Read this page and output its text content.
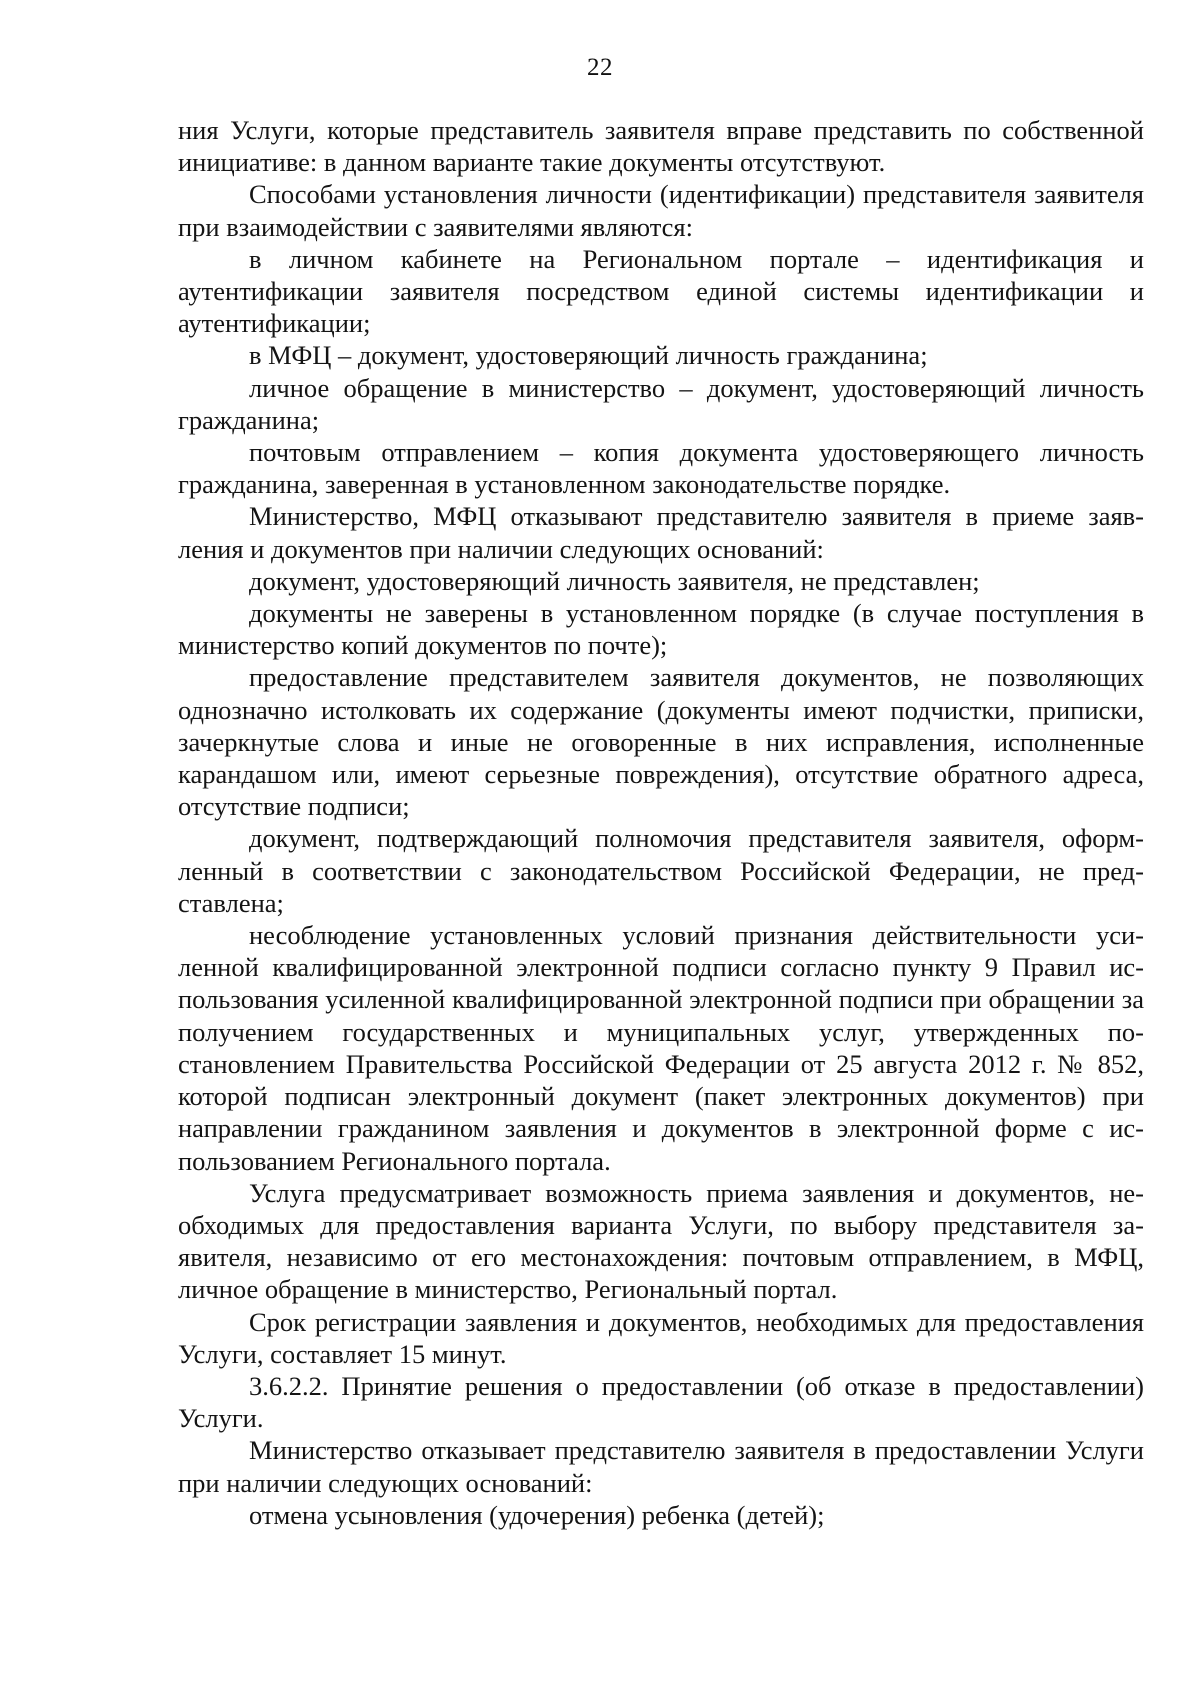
22

ния Услуги, которые представитель заявителя вправе представить по собственной инициативе: в данном варианте такие документы отсутствуют.

Способами установления личности (идентификации) представителя заявителя при взаимодействии с заявителями являются:

в личном кабинете на Региональном портале – идентификация и аутентификации заявителя посредством единой системы идентификации и аутентификации;

в МФЦ – документ, удостоверяющий личность гражданина;

личное обращение в министерство – документ, удостоверяющий личность гражданина;

почтовым отправлением – копия документа удостоверяющего личность гражданина, заверенная в установленном законодательстве порядке.

Министерство, МФЦ отказывают представителю заявителя в приеме заявления и документов при наличии следующих оснований:

документ, удостоверяющий личность заявителя, не представлен;

документы не заверены в установленном порядке (в случае поступления в министерство копий документов по почте);

предоставление представителем заявителя документов, не позволяющих однозначно истолковать их содержание (документы имеют подчистки, приписки, зачеркнутые слова и иные не оговоренные в них исправления, исполненные карандашом или, имеют серьезные повреждения), отсутствие обратного адреса, отсутствие подписи;

документ, подтверждающий полномочия представителя заявителя, оформленный в соответствии с законодательством Российской Федерации, не представлена;

несоблюдение установленных условий признания действительности усиленной квалифицированной электронной подписи согласно пункту 9 Правил использования усиленной квалифицированной электронной подписи при обращении за получением государственных и муниципальных услуг, утвержденных постановлением Правительства Российской Федерации от 25 августа 2012 г. № 852, которой подписан электронный документ (пакет электронных документов) при направлении гражданином заявления и документов в электронной форме с использованием Регионального портала.

Услуга предусматривает возможность приема заявления и документов, необходимых для предоставления варианта Услуги, по выбору представителя заявителя, независимо от его местонахождения: почтовым отправлением, в МФЦ, личное обращение в министерство, Региональный портал.

Срок регистрации заявления и документов, необходимых для предоставления Услуги, составляет 15 минут.

3.6.2.2. Принятие решения о предоставлении (об отказе в предоставлении) Услуги.

Министерство отказывает представителю заявителя в предоставлении Услуги при наличии следующих оснований:

отмена усыновления (удочерения) ребенка (детей);
